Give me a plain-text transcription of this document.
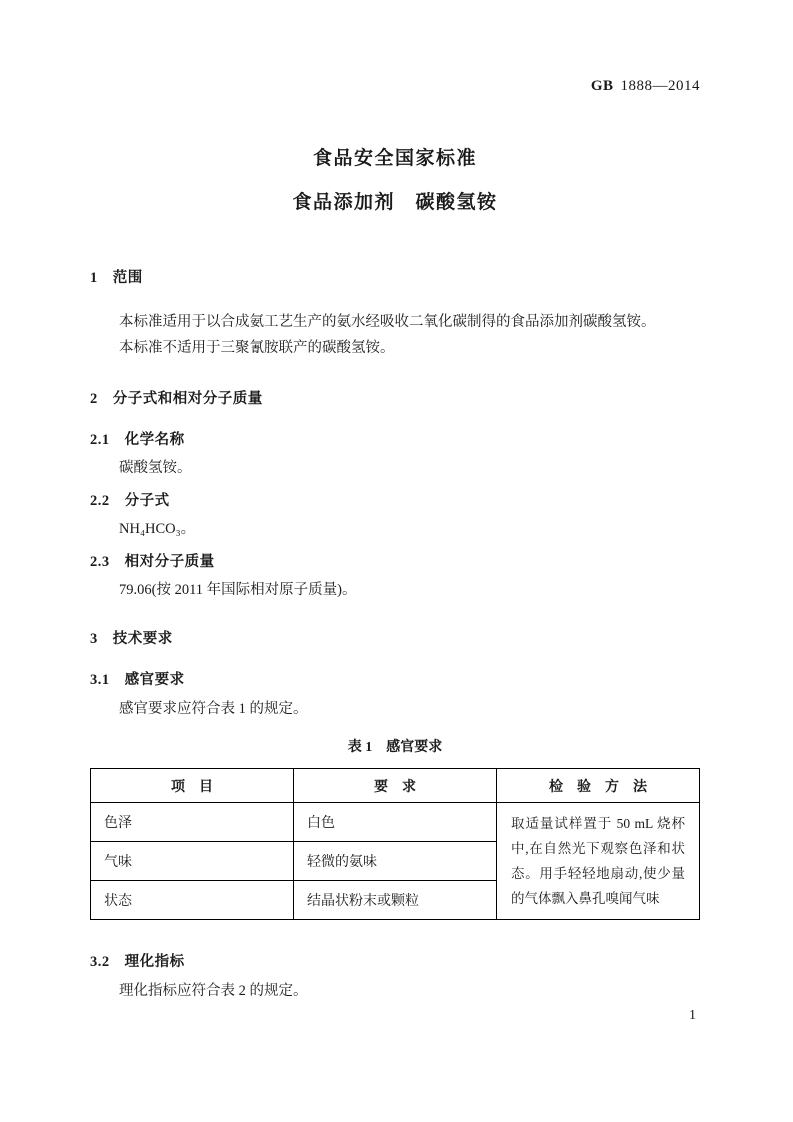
GB 1888—2014
食品安全国家标准
食品添加剂　碳酸氢铵
1　范围
本标准适用于以合成氨工艺生产的氨水经吸收二氧化碳制得的食品添加剂碳酸氢铵。
本标准不适用于三聚氰胺联产的碳酸氢铵。
2　分子式和相对分子质量
2.1　化学名称
碳酸氢铵。
2.2　分子式
NH₄HCO₃。
2.3　相对分子质量
79.06(按 2011 年国际相对原子质量)。
3　技术要求
3.1　感官要求
感官要求应符合表 1 的规定。
表 1　感官要求
项　目	要　求	检　验　方　法
色泽	白色	取适量试样置于 50 mL 烧杯中,在自然光下观察色泽和状态。用手轻轻地扇动,使少量的气体飘入鼻孔嗅闻气味
气味	轻微的氨味	
状态	结晶状粉末或颗粒	
3.2　理化指标
理化指标应符合表 2 的规定。
1
